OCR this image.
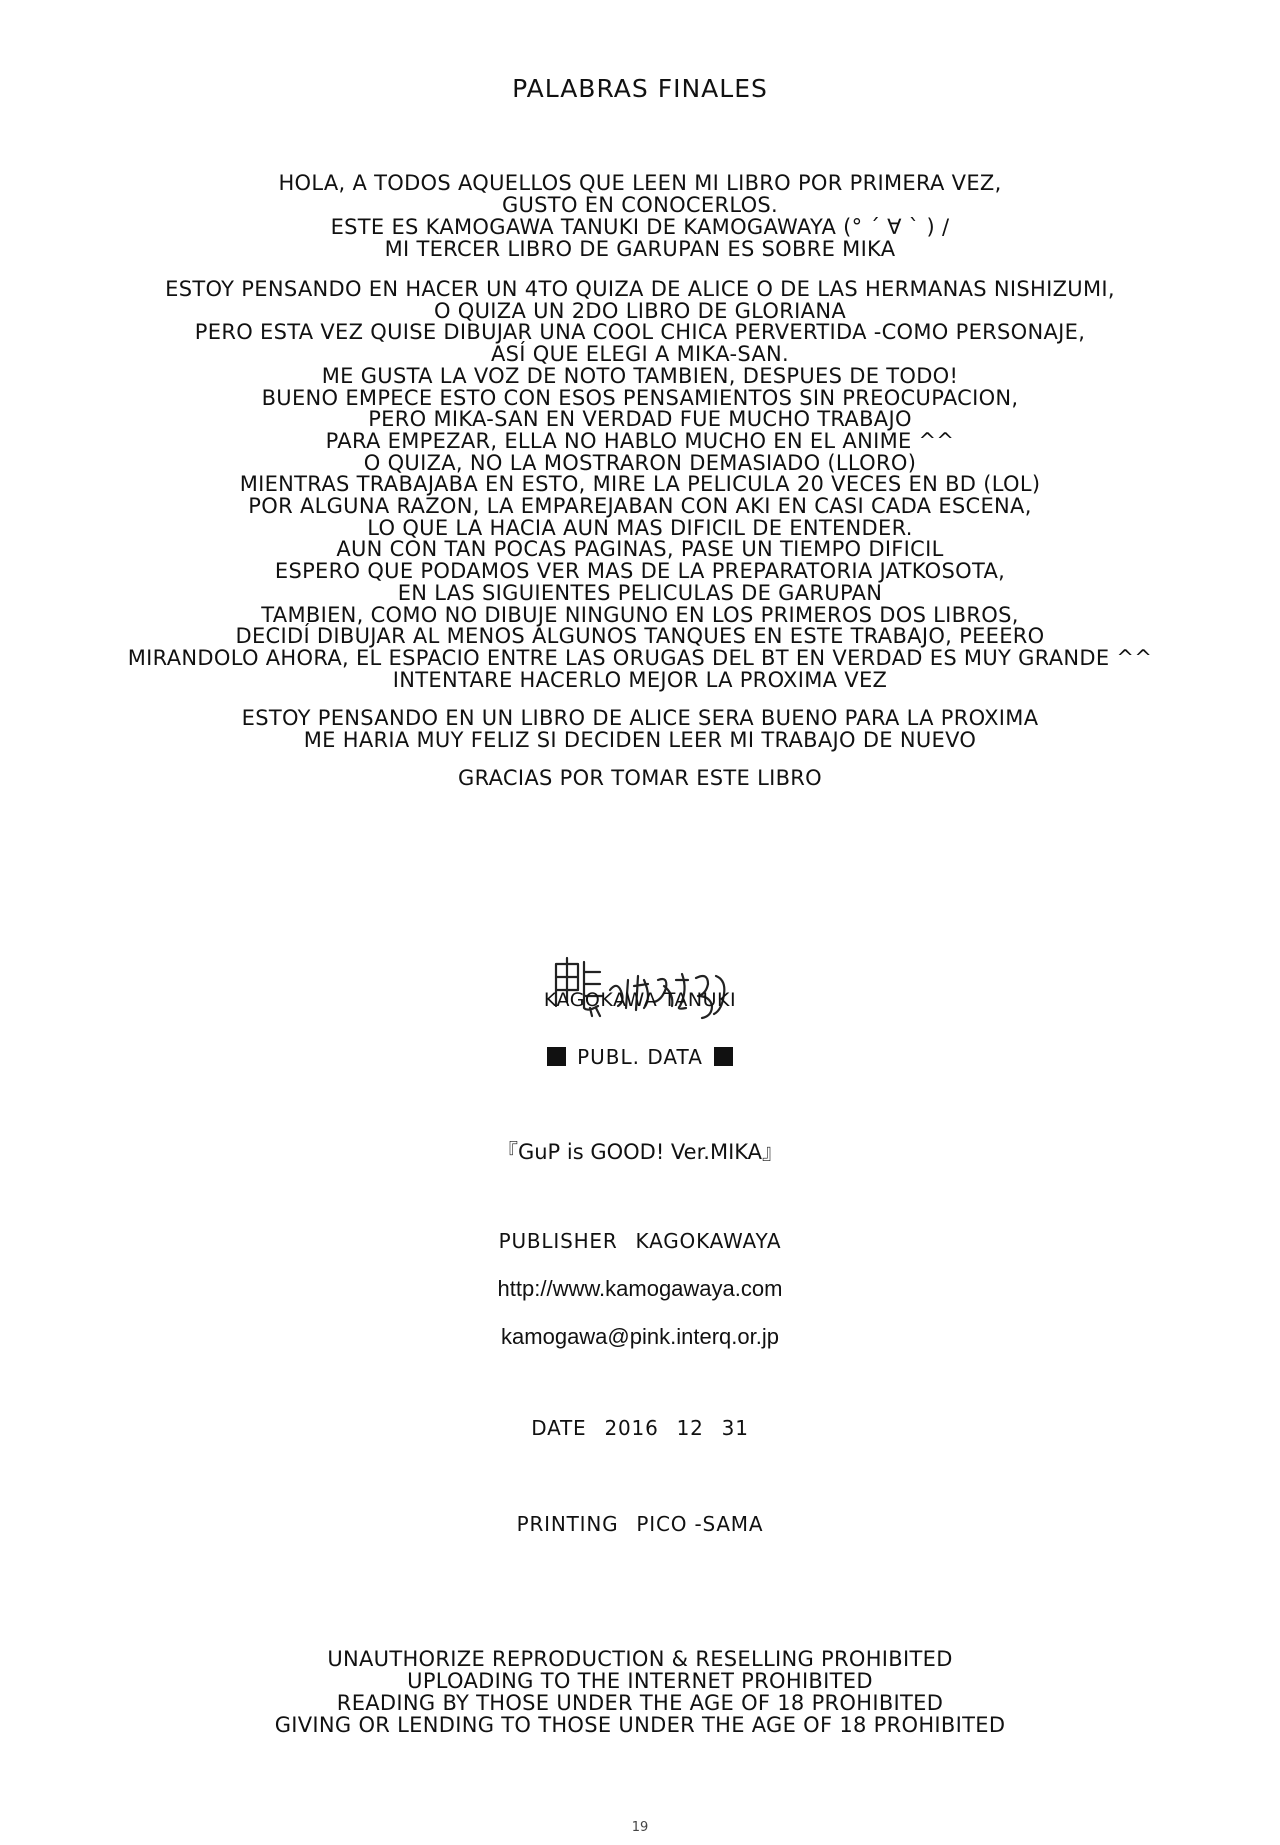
PALABRAS FINALES

HOLA, A TODOS AQUELLOS QUE LEEN MI LIBRO POR PRIMERA VEZ,

GUSTO EN CONOCERLOS.

ESTE ES KAMOGAWA TANUKI DE KAMOGAWAYA (° ´ ∀ ` ) /

MI TERCER LIBRO DE GARUPAN ES SOBRE MIKA

ESTOY PENSANDO EN HACER UN 4TO QUIZA DE ALICE O DE LAS HERMANAS NISHIZUMI,

O QUIZA UN 2DO LIBRO DE GLORIANA

PERO ESTA VEZ QUISE DIBUJAR UNA COOL CHICA PERVERTIDA -COMO PERSONAJE,

ASÍ QUE ELEGI A MIKA-SAN.

ME GUSTA LA VOZ DE NOTO TAMBIEN, DESPUES DE TODO!

BUENO EMPECE ESTO CON ESOS PENSAMIENTOS SIN PREOCUPACION,

PERO MIKA-SAN EN VERDAD FUE MUCHO TRABAJO

PARA EMPEZAR, ELLA NO HABLO MUCHO EN EL ANIME ^^

O QUIZA, NO LA MOSTRARON DEMASIADO (LLORO)

MIENTRAS TRABAJABA EN ESTO, MIRE LA PELICULA 20 VECES EN BD (LOL)

POR ALGUNA RAZON, LA EMPAREJABAN CON AKI EN CASI CADA ESCENA,

LO QUE LA HACIA AUN MAS DIFICIL DE ENTENDER.

AUN CON TAN POCAS PAGINAS, PASE UN TIEMPO DIFICIL

ESPERO QUE PODAMOS VER MAS DE LA PREPARATORIA JATKOSOTA,

EN LAS SIGUIENTES PELICULAS DE GARUPAN

TAMBIEN, COMO NO DIBUJE NINGUNO EN LOS PRIMEROS DOS LIBROS,

DECIDÍ DIBUJAR AL MENOS ALGUNOS TANQUES EN ESTE TRABAJO, PEEERO

MIRANDOLO AHORA, EL ESPACIO ENTRE LAS ORUGAS DEL BT EN VERDAD ES MUY GRANDE ^^

INTENTARE HACERLO MEJOR LA PROXIMA VEZ

ESTOY PENSANDO EN UN LIBRO DE ALICE SERA BUENO PARA LA PROXIMA

ME HARIA MUY FELIZ SI DECIDEN LEER MI TRABAJO DE NUEVO

GRACIAS POR TOMAR ESTE LIBRO
KAGOKAWA TANUKI
PUBL. DATA
『GuP is GOOD! Ver.MIKA』
PUBLISHER KAGOKAWAYA
http://www.kamogawaya.com
kamogawa@pink.interq.or.jp
DATE 2016 12 31
PRINTING PICO -SAMA

UNAUTHORIZE REPRODUCTION & RESELLING PROHIBITED

UPLOADING TO THE INTERNET PROHIBITED

READING BY THOSE UNDER THE AGE OF 18 PROHIBITED

GIVING OR LENDING TO THOSE UNDER THE AGE OF 18 PROHIBITED

19
